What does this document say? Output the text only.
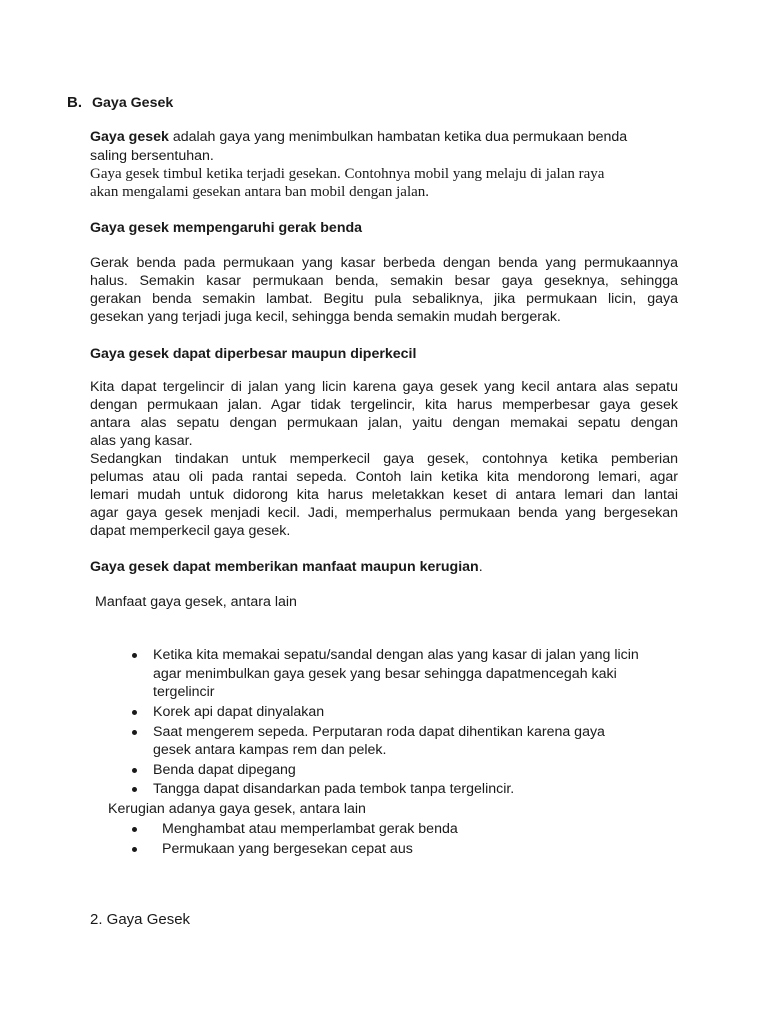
B. Gaya Gesek
Gaya gesek adalah gaya yang menimbulkan hambatan ketika dua permukaan benda
saling bersentuhan.
Gaya gesek timbul ketika terjadi gesekan. Contohnya mobil yang melaju di jalan raya
akan mengalami gesekan antara ban mobil dengan jalan.
Gaya gesek mempengaruhi gerak benda
Gerak benda pada permukaan yang kasar berbeda dengan benda yang permukaannya
halus. Semakin kasar permukaan benda, semakin besar gaya geseknya, sehingga
gerakan benda semakin lambat. Begitu pula sebaliknya, jika permukaan licin, gaya
gesekan yang terjadi juga kecil, sehingga benda semakin mudah bergerak.
Gaya gesek dapat diperbesar maupun diperkecil
Kita dapat tergelincir di jalan yang licin karena gaya gesek yang kecil antara alas sepatu
dengan permukaan jalan. Agar tidak tergelincir, kita harus memperbesar gaya gesek
antara alas sepatu dengan permukaan jalan, yaitu dengan memakai sepatu dengan
alas yang kasar.
Sedangkan tindakan untuk memperkecil gaya gesek, contohnya ketika pemberian
pelumas atau oli pada rantai sepeda. Contoh lain ketika kita mendorong lemari, agar
lemari mudah untuk didorong kita harus meletakkan keset di antara lemari dan lantai
agar gaya gesek menjadi kecil. Jadi, memperhalus permukaan benda yang bergesekan
dapat memperkecil gaya gesek.
Gaya gesek dapat memberikan manfaat maupun kerugian.
Manfaat gaya gesek, antara lain
Ketika kita memakai sepatu/sandal dengan alas yang kasar di jalan yang licin
agar menimbulkan gaya gesek yang besar sehingga dapatmencegah kaki
tergelincir
Korek api dapat dinyalakan
Saat mengerem sepeda. Perputaran roda dapat dihentikan karena gaya
gesek antara kampas rem dan pelek.
Benda dapat dipegang
Tangga dapat disandarkan pada tembok tanpa tergelincir.
Kerugian adanya gaya gesek, antara lain
Menghambat atau memperlambat gerak benda
Permukaan yang bergesekan cepat aus
2. Gaya Gesek
